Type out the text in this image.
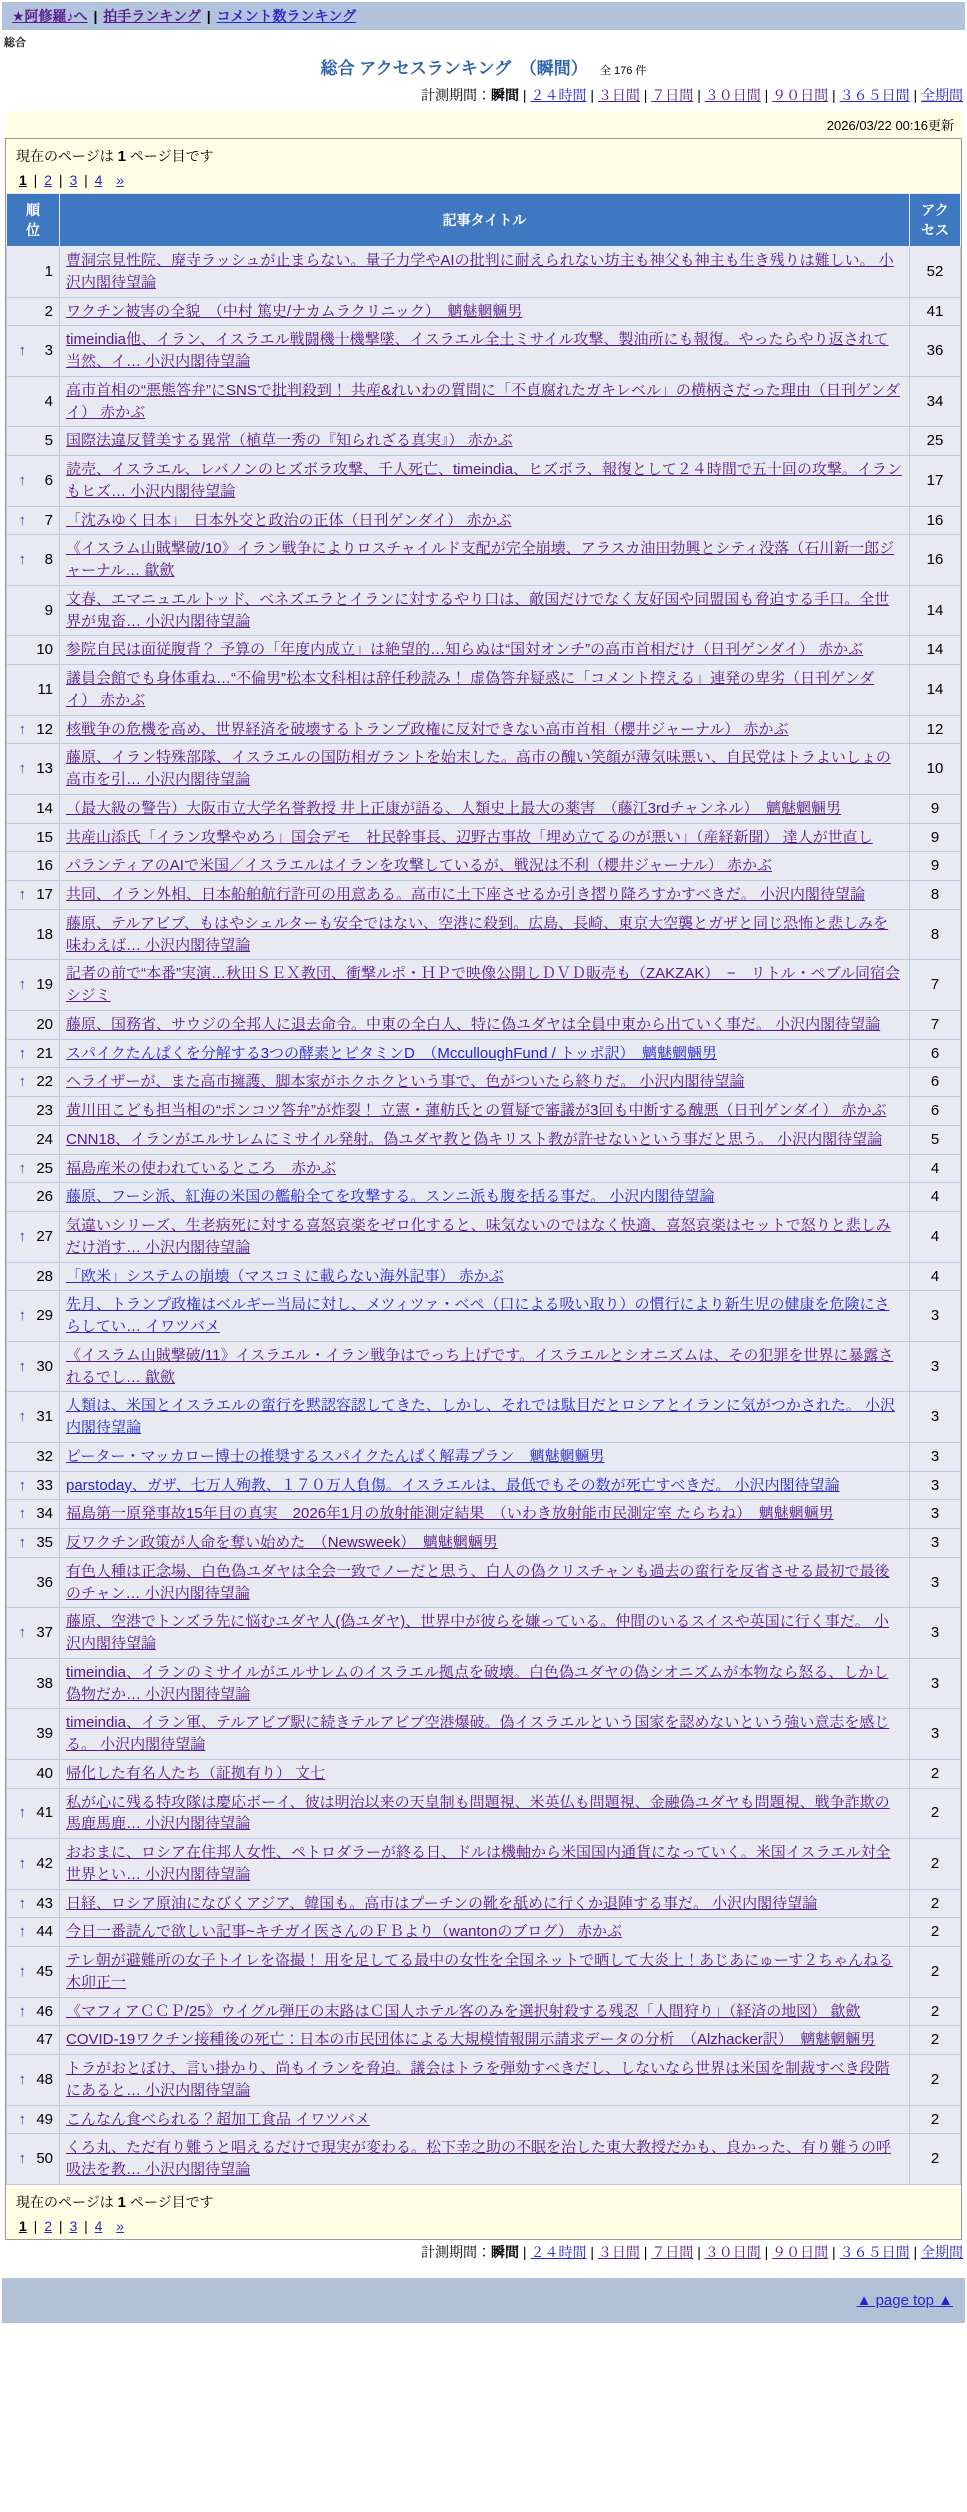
★阿修羅♪へ | 拍手ランキング | コメント数ランキング
総合
総合 アクセスランキング　（瞬間） 全 176 件
計測期間：瞬間 | ２４時間 | ３日間 | ７日間 | ３０日間 | ９０日間 | ３６５日間 | 全期間
2026/03/22 00:16更新
現在のページは 1 ページ目です
1 | 2 | 3 | 4 »
順位	記事タイトル	アクセス
1	曹洞宗見性院、廃寺ラッシュが止まらない。量子力学やAIの批判に耐えられない坊主も神父も神主も生き残りは難しい。 小沢内閣待望論	52
2	ワクチン被害の全貌　（中村 篤史/ナカムラクリニック）　魑魅魍魎男	41

↑ 3	timeindia他、イラン、イスラエル戦闘機十機撃墜、イスラエル全土ミサイル攻撃、製油所にも報復。やったらやり返されて当然、イ… 小沢内閣待望論	36
4	高市首相の“悪態答弁”にSNSで批判殺到！ 共産&れいわの質問に「不貞腐れたガキレベル」の横柄さだった理由（日刊ゲンダイ） 赤かぶ	34
5	国際法違反賛美する異常（植草一秀の『知られざる真実』） 赤かぶ	25

↑ 6	読売、イスラエル、レバノンのヒズボラ攻撃、千人死亡、timeindia、ヒズボラ、報復として２４時間で五十回の攻撃。イランもヒズ… 小沢内閣待望論	17

↑ 7	「沈みゆく日本」　日本外交と政治の正体（日刊ゲンダイ） 赤かぶ	16

↑ 8	《イスラム山賊撃破/10》イラン戦争によりロスチャイルド支配が完全崩壊、アラスカ油田勃興とシティ没落（石川新一郎ジャーナル… 歙歛	16
9	文春、エマニュエルトッド、ベネズエラとイランに対するやり口は、敵国だけでなく友好国や同盟国も脅迫する手口。全世界が鬼畜… 小沢内閣待望論	14
10	参院自民は面従腹背？ 予算の「年度内成立」は絶望的…知らぬは“国対オンチ”の高市首相だけ（日刊ゲンダイ） 赤かぶ	14
11	議員会館でも身体重ね…“不倫男”松本文科相は辞任秒読み！ 虚偽答弁疑惑に「コメント控える」連発の卑劣（日刊ゲンダイ） 赤かぶ	14

↑ 12	核戦争の危機を高め、世界経済を破壊するトランプ政権に反対できない高市首相（櫻井ジャーナル） 赤かぶ	12

↑ 13	藤原、イラン特殊部隊、イスラエルの国防相ガラントを始末した。高市の醜い笑顔が薄気味悪い、自民党はトラよいしょの高市を引… 小沢内閣待望論	10
14	（最大級の警告）大阪市立大学名誉教授 井上正康が語る、人類史上最大の薬害　（藤江3rdチャンネル）　魑魅魍魎男	9
15	共産山添氏「イラン攻撃やめろ」国会デモ　社民幹事長、辺野古事故「埋め立てるのが悪い」（産経新聞） 達人が世直し	9
16	パランティアのAIで米国／イスラエルはイランを攻撃しているが、戦況は不利（櫻井ジャーナル） 赤かぶ	9

↑ 17	共同、イラン外相、日本船舶航行許可の用意ある。高市に土下座させるか引き摺り降ろすかすべきだ。 小沢内閣待望論	8
18	藤原、テルアビブ、もはやシェルターも安全ではない、空港に殺到。広島、長崎、東京大空襲とガザと同じ恐怖と悲しみを味わえば… 小沢内閣待望論	8

↑ 19	記者の前で“本番”実演…秋田ＳＥＸ教団、衝撃ルポ・ＨＰで映像公開しＤＶＤ販売も（ZAKZAK）　−　リトル・ペブル同宿会 シジミ	7
20	藤原、国務省、サウジの全邦人に退去命令。中東の全白人、特に偽ユダヤは全員中東から出ていく事だ。 小沢内閣待望論	7

↑ 21	スパイクたんぱくを分解する3つの酵素とビタミンD　（McculloughFund / トッポ訳）　魑魅魍魎男	6

↑ 22	ヘライザーが、また高市擁護、脚本家がホクホクという事で、色がついたら終りだ。 小沢内閣待望論	6
23	黄川田こども担当相の“ポンコツ答弁”が炸裂！ 立憲・蓮舫氏との質疑で審議が3回も中断する醜悪（日刊ゲンダイ） 赤かぶ	6
24	CNN18、イランがエルサレムにミサイル発射。偽ユダヤ教と偽キリスト教が許せないという事だと思う。 小沢内閣待望論	5

↑ 25	福島産米の使われているところ　赤かぶ	4
26	藤原、フーシ派、紅海の米国の艦船全てを攻撃する。スンニ派も腹を括る事だ。 小沢内閣待望論	4

↑ 27	気違いシリーズ、生老病死に対する喜怒哀楽をゼロ化すると、味気ないのではなく快適、喜怒哀楽はセットで怒りと悲しみだけ消す… 小沢内閣待望論	4
28	「欧米」システムの崩壊（マスコミに載らない海外記事） 赤かぶ	4

↑ 29	先月、トランプ政権はベルギー当局に対し、メツィツァ・ベペ（口による吸い取り）の慣行により新生児の健康を危険にさらしてい… イワツバメ	3

↑ 30	《イスラム山賊撃破/11》イスラエル・イラン戦争はでっち上げです。イスラエルとシオニズムは、その犯罪を世界に暴露されるでし… 歙歛	3

↑ 31	人類は、米国とイスラエルの蛮行を黙認容認してきた、しかし、それでは駄目だとロシアとイランに気がつかされた。 小沢内閣待望論	3
32	ピーター・マッカロー博士の推奨するスパイクたんぱく解毒プラン　魑魅魍魎男	3

↑ 33	parstoday、ガザ、七万人殉教、１７０万人負傷。イスラエルは、最低でもその数が死亡すべきだ。 小沢内閣待望論	3

↑ 34	福島第一原発事故15年目の真実　2026年1月の放射能測定結果　（いわき放射能市民測定室 たらちね）　魑魅魍魎男	3

↑ 35	反ワクチン政策が人命を奪い始めた　（Newsweek）　魑魅魍魎男	3
36	有色人種は正念場、白色偽ユダヤは全会一致でノーだと思う、白人の偽クリスチャンも過去の蛮行を反省させる最初で最後のチャン… 小沢内閣待望論	3

↑ 37	藤原、空港でトンズラ先に悩むユダヤ人(偽ユダヤ)、世界中が彼らを嫌っている。仲間のいるスイスや英国に行く事だ。 小沢内閣待望論	3
38	timeindia、イランのミサイルがエルサレムのイスラエル拠点を破壊。白色偽ユダヤの偽シオニズムが本物なら怒る、しかし偽物だか… 小沢内閣待望論	3
39	timeindia、イラン軍、テルアビブ駅に続きテルアビブ空港爆破。偽イスラエルという国家を認めないという強い意志を感じる。 小沢内閣待望論	3
40	帰化した有名人たち（証拠有り） 文七	2

↑ 41	私が心に残る特攻隊は慶応ボーイ、彼は明治以来の天皇制も問題視、米英仏も問題視、金融偽ユダヤも問題視、戦争詐欺の馬鹿馬鹿… 小沢内閣待望論	2

↑ 42	おおまに、ロシア在住邦人女性、ペトロダラーが終る日、ドルは機軸から米国国内通貨になっていく。米国イスラエル対全世界とい… 小沢内閣待望論	2

↑ 43	日経、ロシア原油になびくアジア、韓国も。高市はプーチンの靴を舐めに行くか退陣する事だ。 小沢内閣待望論	2

↑ 44	今日一番読んで欲しい記事~キチガイ医さんのＦＢより（wantonのブログ） 赤かぶ	2

↑ 45	テレ朝が避難所の女子トイレを盗撮！ 用を足してる最中の女性を全国ネットで晒して大炎上！あじあにゅーす２ちゃんねる 木卯正一	2

↑ 46	《マフィアＣＣＰ/25》ウイグル弾圧の末路はＣ国人ホテル客のみを選択射殺する残忍「人間狩り」（経済の地図） 歙歛	2
47	COVID-19ワクチン接種後の死亡：日本の市民団体による大規模情報開示請求データの分析　（Alzhacker訳）　魑魅魍魎男	2

↑ 48	トラがおとぼけ、言い掛かり、尚もイランを脅迫。議会はトラを弾劾すべきだし、しないなら世界は米国を制裁すべき段階にあると… 小沢内閣待望論	2

↑ 49	こんなん食べられる？超加工食品 イワツバメ	2

↑ 50	くろ丸、ただ有り難うと唱えるだけで現実が変わる。松下幸之助の不眠を治した東大教授だかも、良かった、有り難うの呼吸法を教… 小沢内閣待望論	2
現在のページは 1 ページ目です
1 | 2 | 3 | 4 »
計測期間：瞬間 | ２４時間 | ３日間 | ７日間 | ３０日間 | ９０日間 | ３６５日間 | 全期間
▲ page top ▲
